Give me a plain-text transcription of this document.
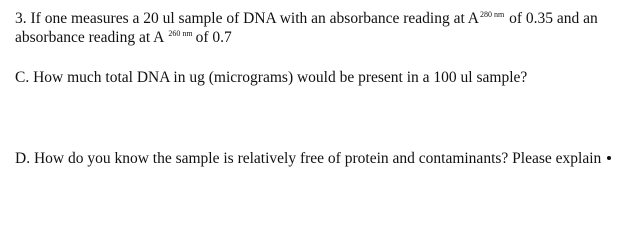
3. If one measures a 20 ul sample of DNA with an absorbance reading at $A^{280 nm}$ of 0.35 and an
absorbance reading at A $^{260 nm}$ of 0.7
C. How much total DNA in ug (micrograms) would be present in a 100 ul sample?
D. How do you know the sample is relatively free of protein and contaminants? Please explain
